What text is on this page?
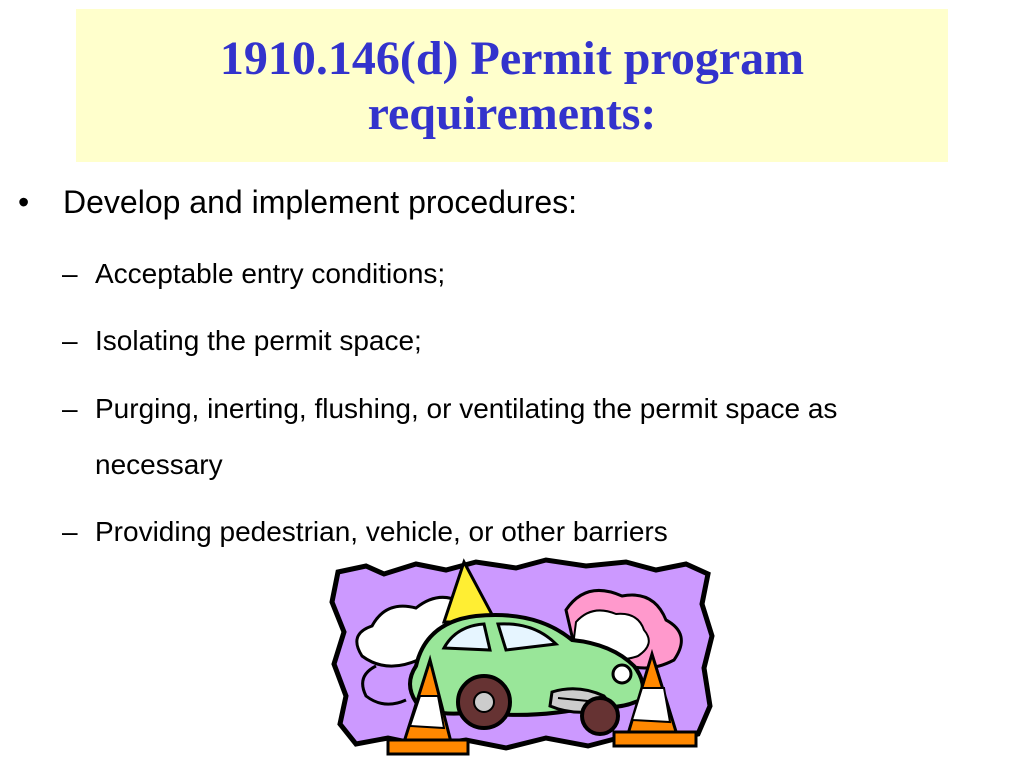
1910.146(d) Permit program
requirements:
• Develop and implement procedures:
– Acceptable entry conditions;
– Isolating the permit space;
– Purging, inerting, flushing, or ventilating the permit space as necessary
– Providing pedestrian, vehicle, or other barriers
